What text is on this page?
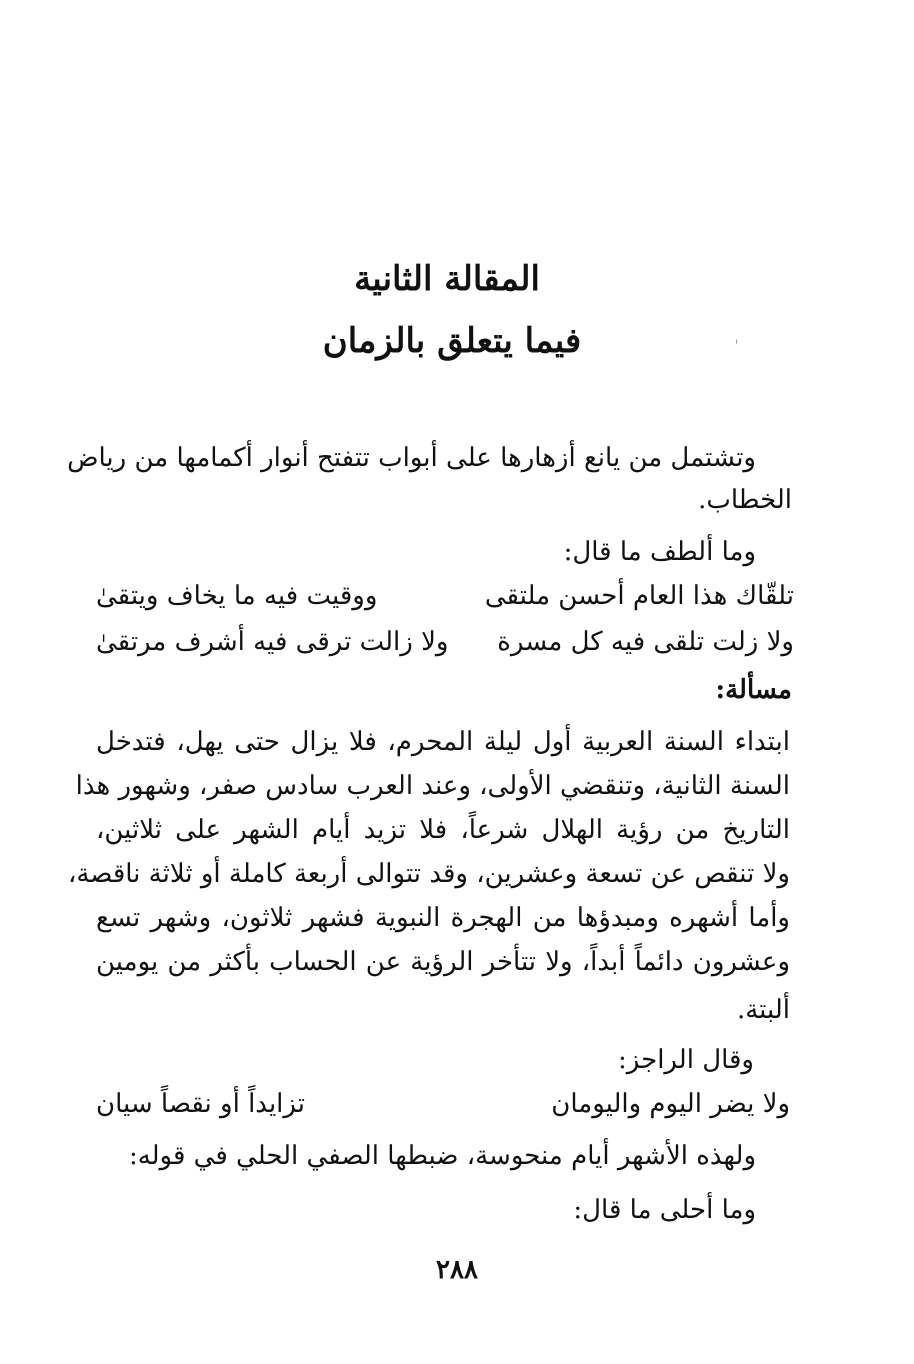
المقالة الثانية
فيما يتعلق بالزمان
وتشتمل من يانع أزهارها على أبواب تتفتح أنوار أكمامها من رياض
الخطاب.
وما ألطف ما قال:
تلقّاك هذا العام أحسن ملتقى
ووقيت فيه ما يخاف ويتقىٰ
ولا زلت تلقى فيه كل مسرة
ولا زالت ترقى فيه أشرف مرتقىٰ
مسألة:
ابتداء السنة العربية أول ليلة المحرم، فلا يزال حتى يهل، فتدخل
السنة الثانية، وتنقضي الأولى، وعند العرب سادس صفر، وشهور هذا
التاريخ من رؤية الهلال شرعاً، فلا تزيد أيام الشهر على ثلاثين،
ولا تنقص عن تسعة وعشرين، وقد تتوالى أربعة كاملة أو ثلاثة ناقصة،
وأما أشهره ومبدؤها من الهجرة النبوية فشهر ثلاثون، وشهر تسع
وعشرون دائماً أبداً، ولا تتأخر الرؤية عن الحساب بأكثر من يومين
ألبتة.
وقال الراجز:
ولا يضر اليوم واليومان
تزايداً أو نقصاً سيان
ولهذه الأشهر أيام منحوسة، ضبطها الصفي الحلي في قوله:
وما أحلى ما قال:
٢٨٨
